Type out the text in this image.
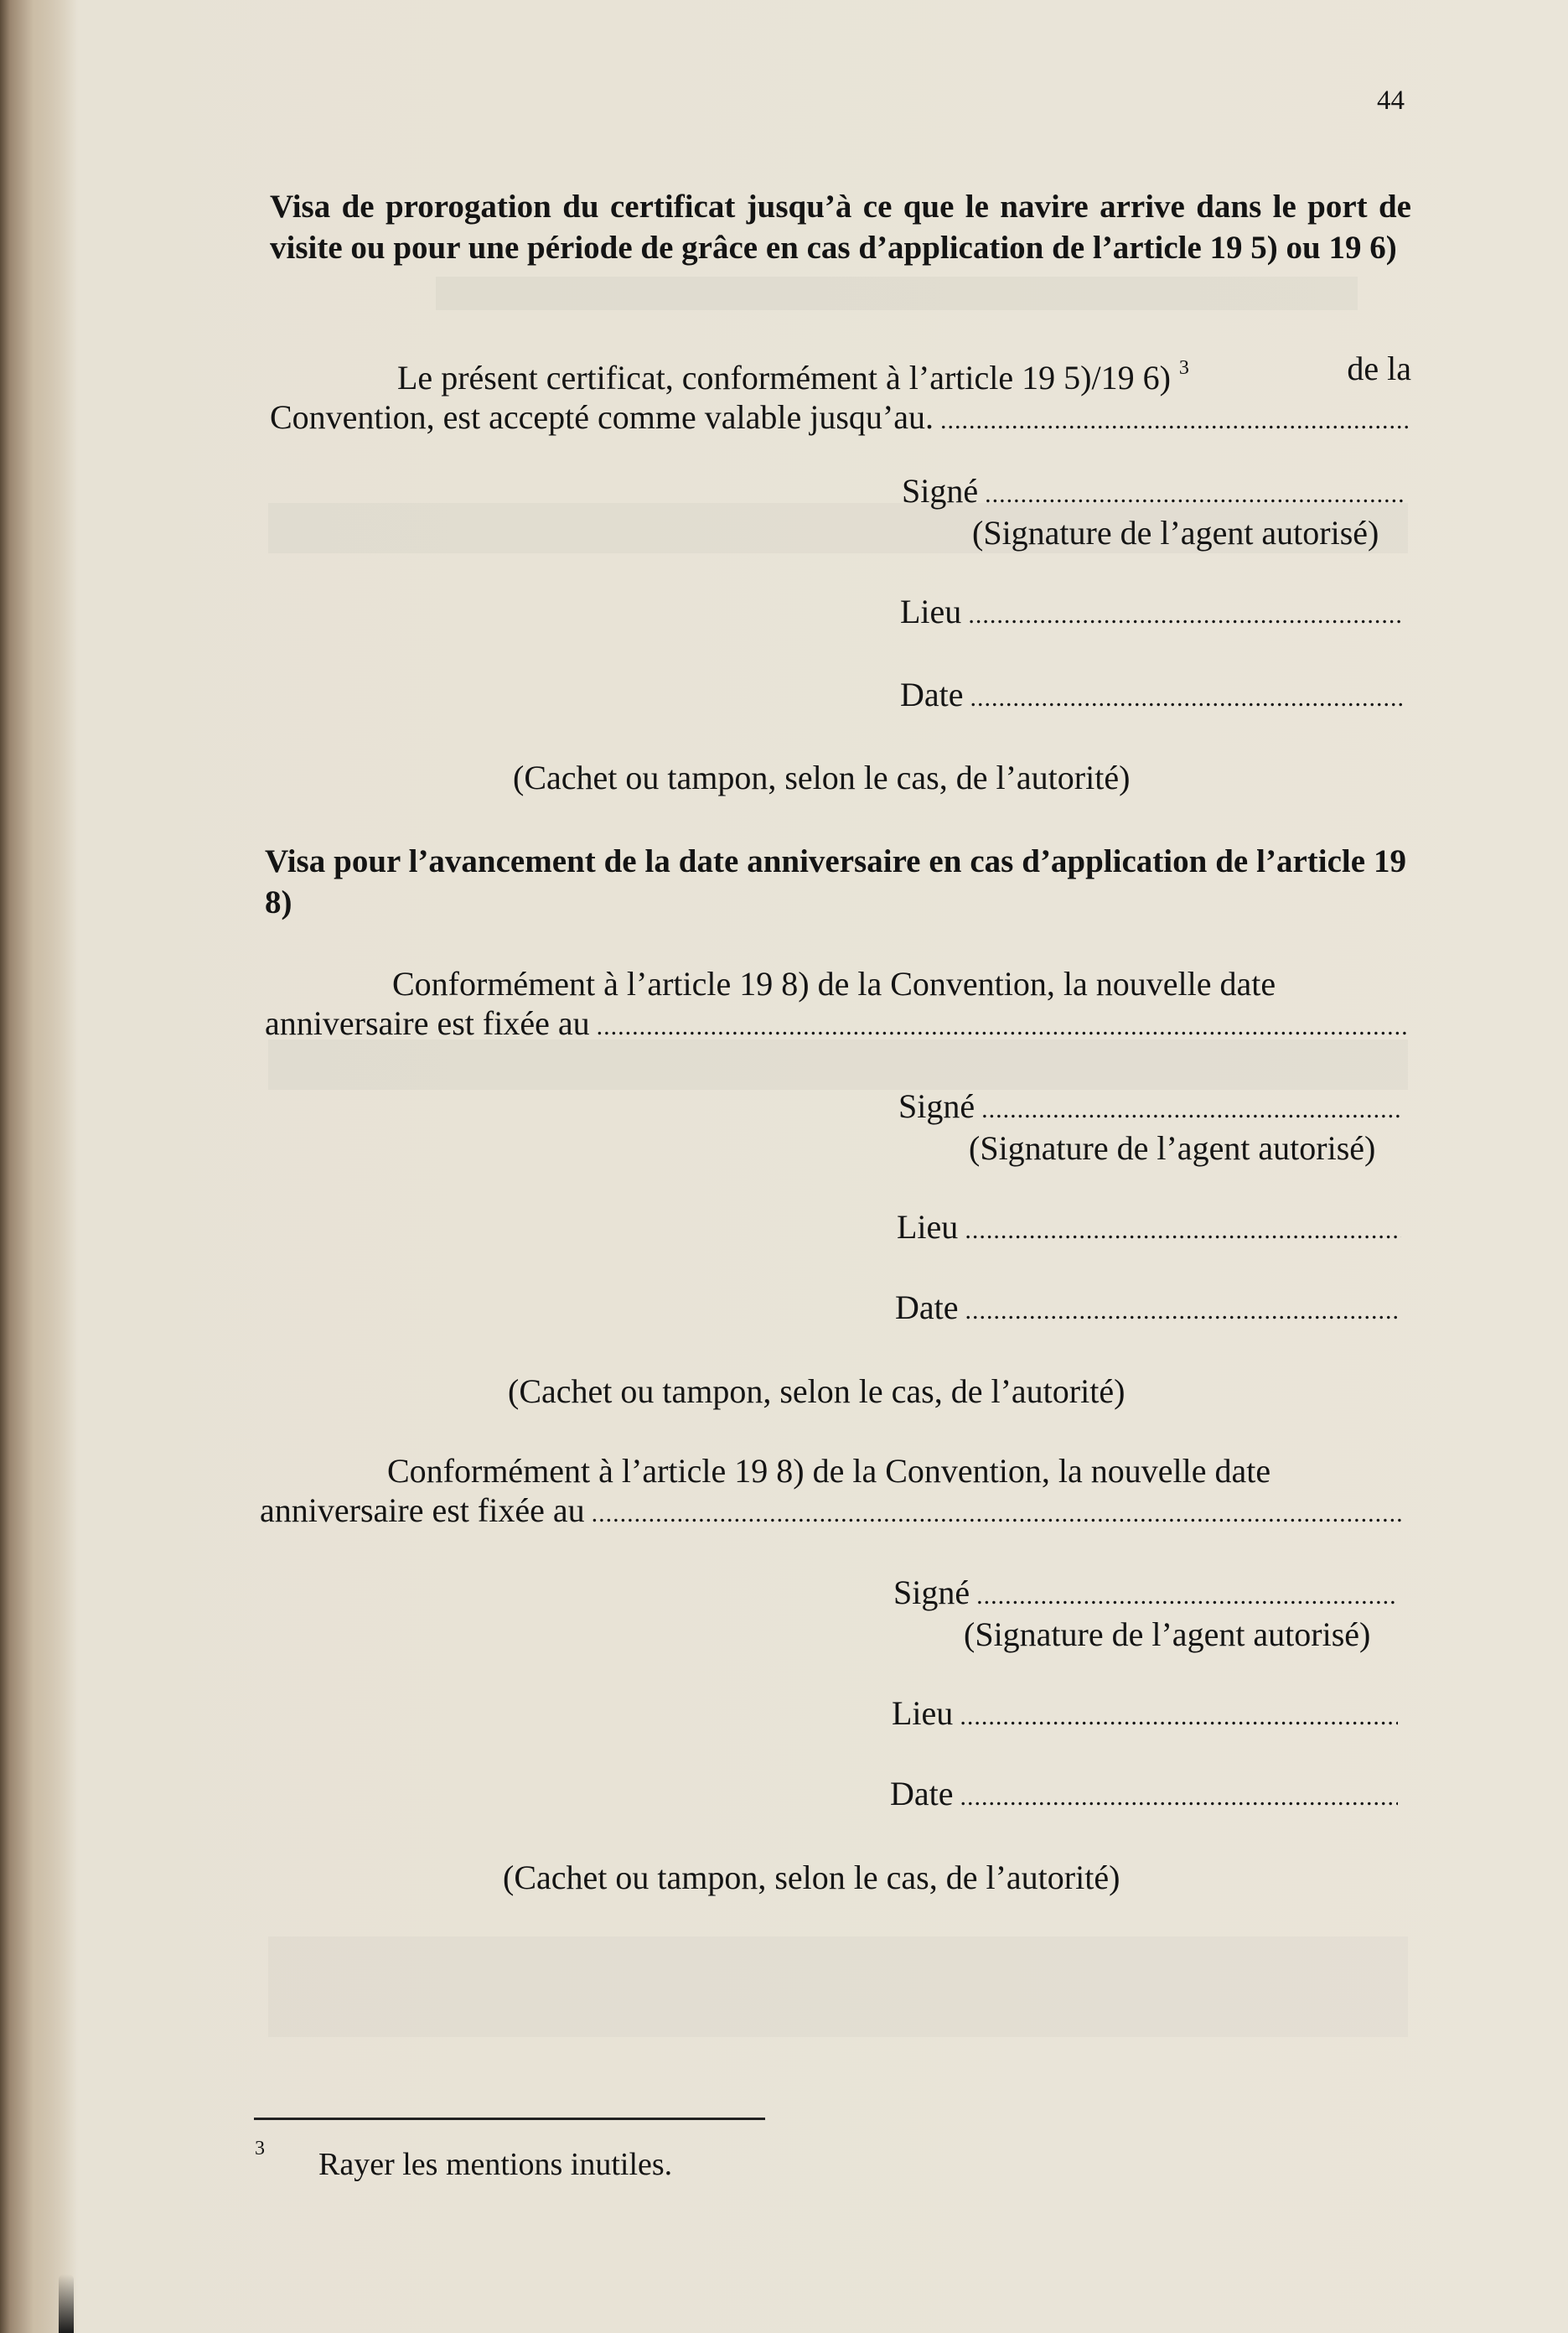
44
Visa de prorogation du certificat jusqu’à ce que le navire arrive dans le port de visite ou pour une période de grâce en cas d’application de l’article 19 5) ou 19 6)
Le présent certificat, conformément à l’article 19 5)/19 6) $^3$	de la
Convention, est accepté comme valable jusqu’au.
.....
Signé
.....
(Signature de l’agent autorisé)
Lieu
.....
Date
.....
(Cachet ou tampon, selon le cas, de l’autorité)
Visa pour l’avancement de la date anniversaire en cas d’application de l’article 19 8)
Conformément à l’article 19 8) de la Convention, la nouvelle date
anniversaire est fixée au
.....
Signé
.....
(Signature de l’agent autorisé)
Lieu
.....
Date
.....
(Cachet ou tampon, selon le cas, de l’autorité)
Conformément à l’article 19 8) de la Convention, la nouvelle date
anniversaire est fixée au
.....
Signé
.....
(Signature de l’agent autorisé)
Lieu
.....
Date
.....
(Cachet ou tampon, selon le cas, de l’autorité)
3 Rayer les mentions inutiles.
